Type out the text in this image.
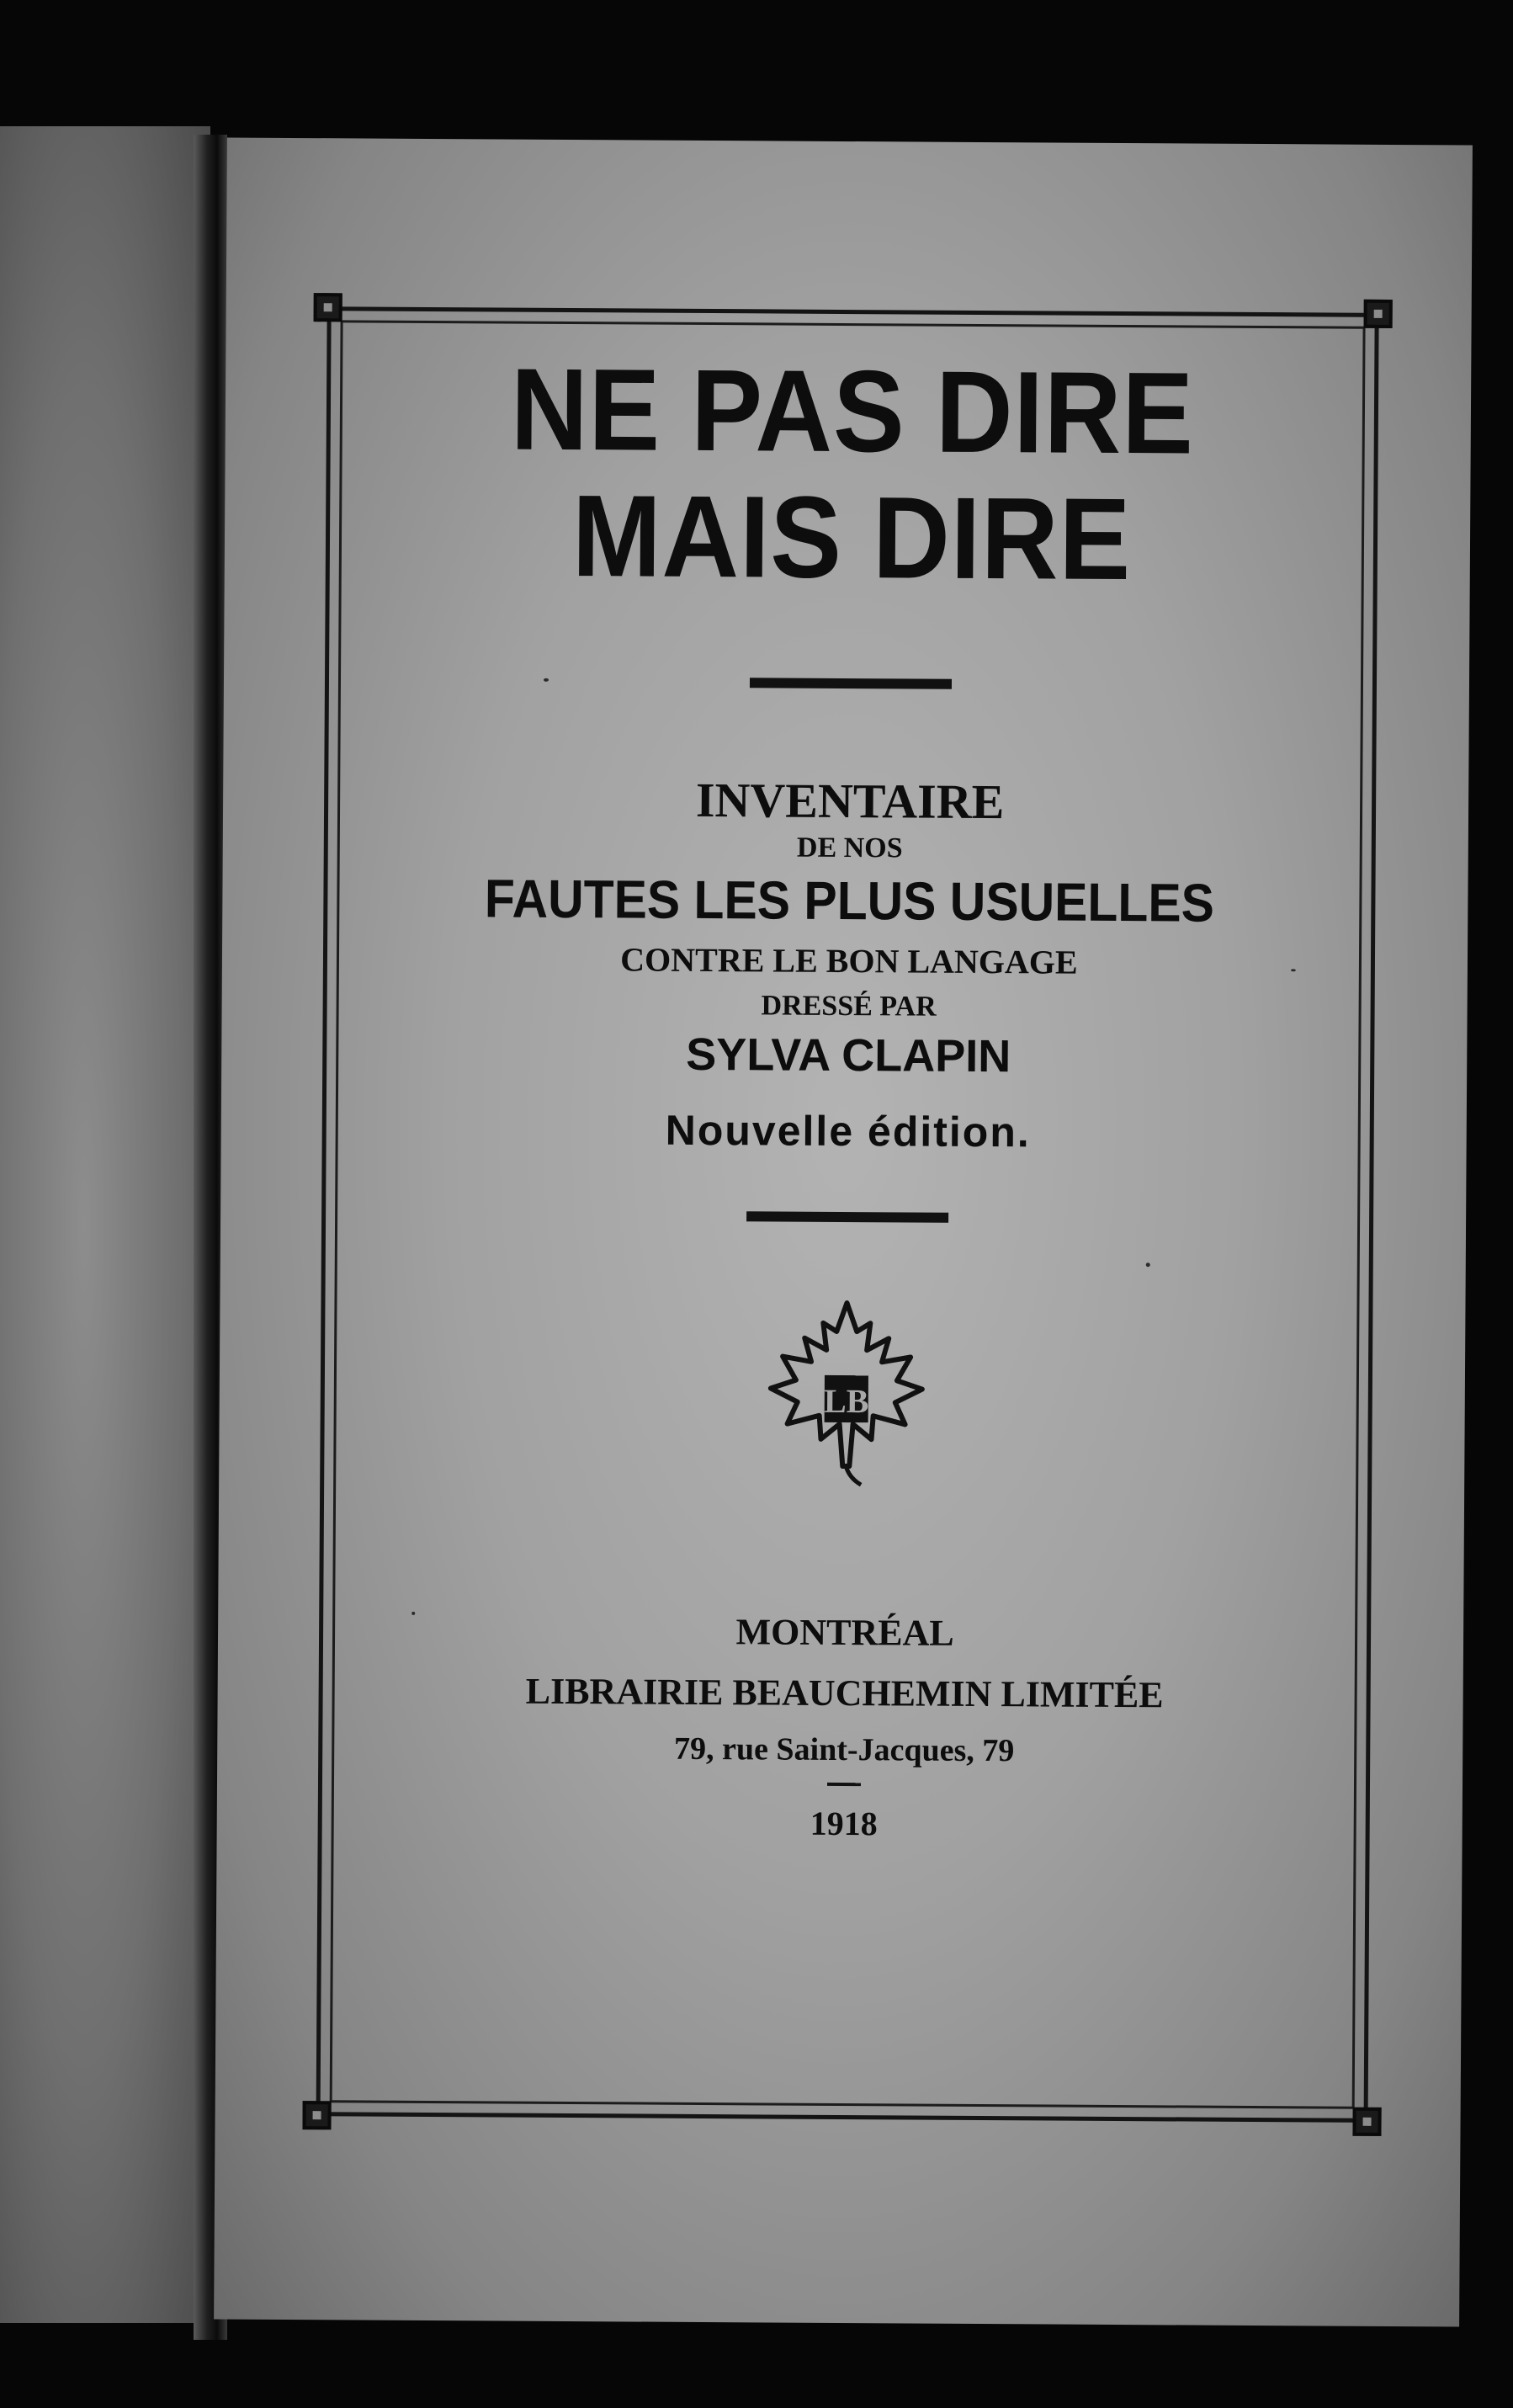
NE PAS DIRE

MAIS DIRE

INVENTAIRE

DE NOS

FAUTES LES PLUS USUELLES

CONTRE LE BON LANGAGE

DRESSÉ PAR

SYLVA CLAPIN

Nouvelle édition.

LB

MONTRÉAL

LIBRAIRIE BEAUCHEMIN LIMITÉE

79, rue Saint-Jacques, 79

1918
